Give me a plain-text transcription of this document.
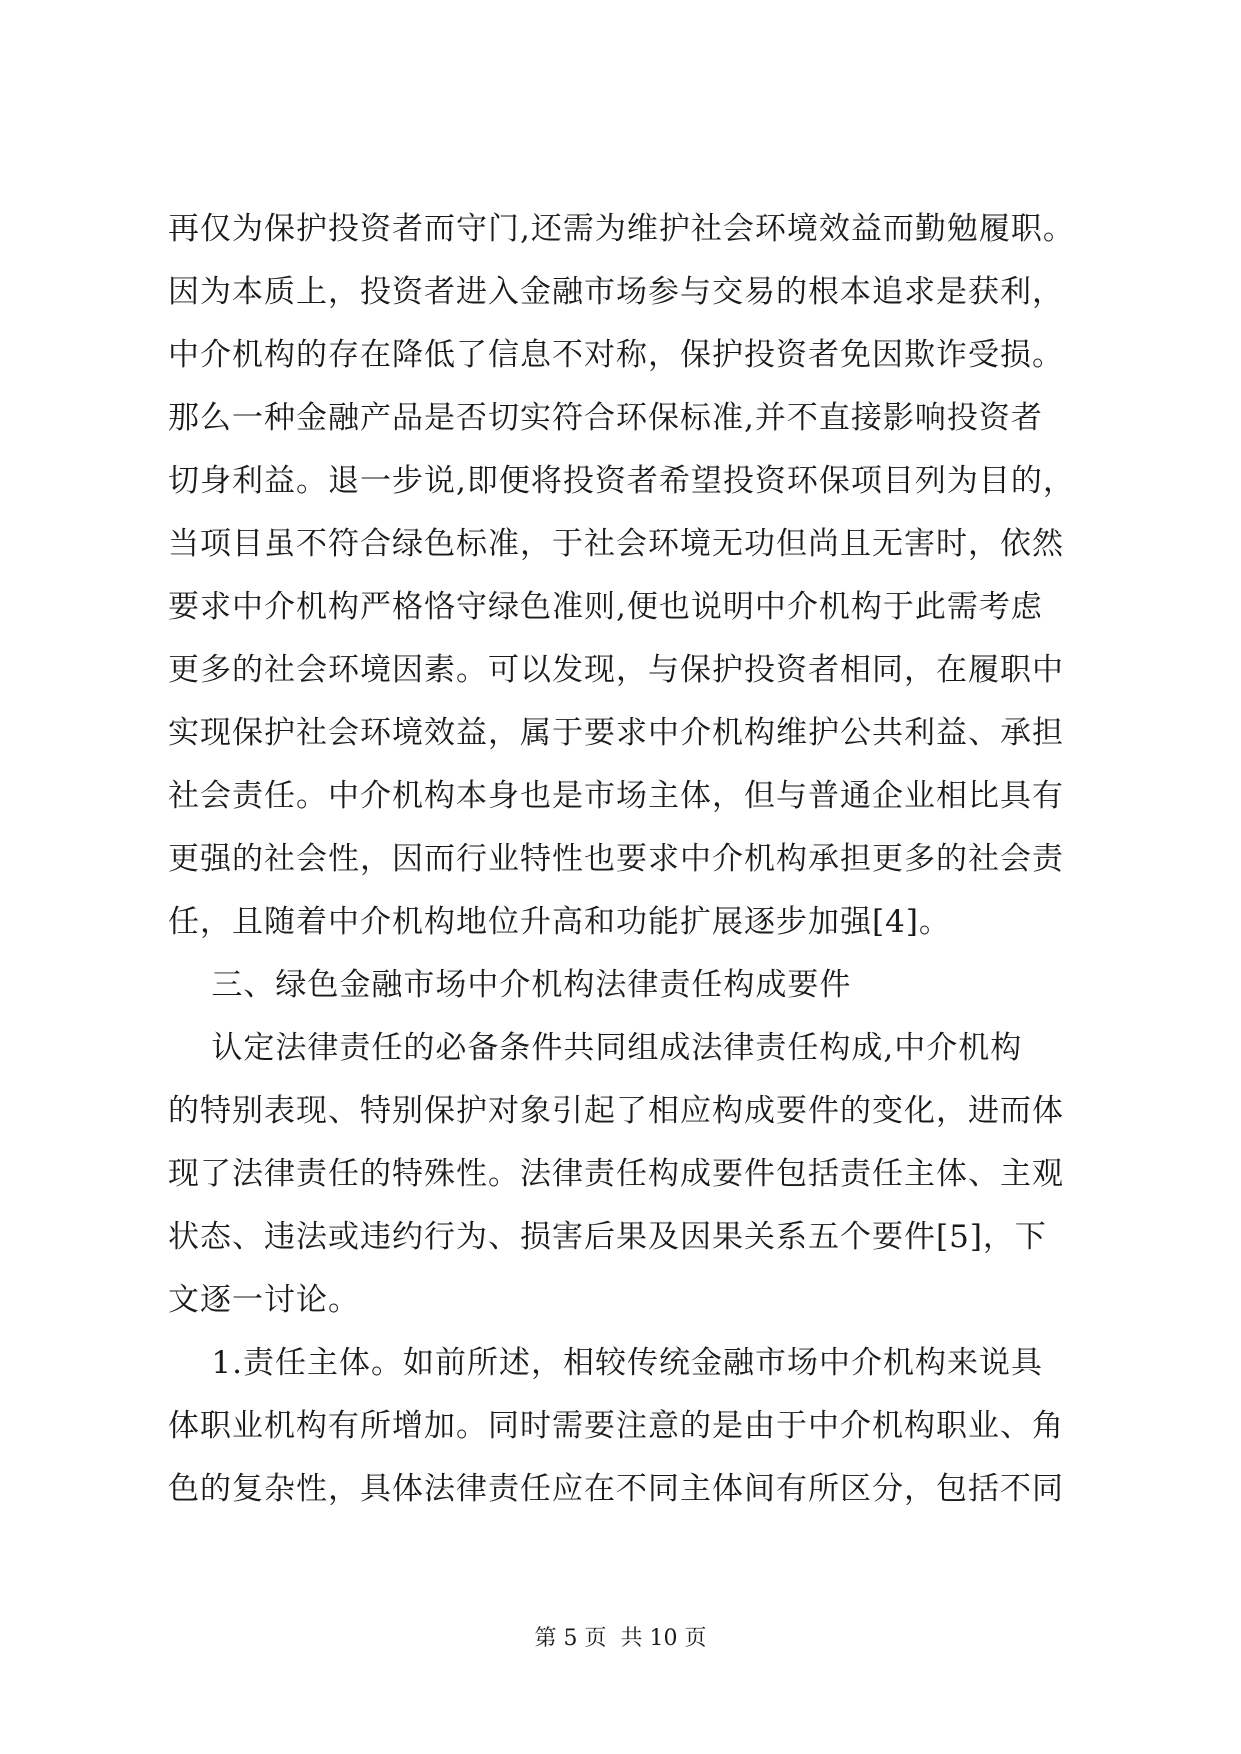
再仅为保护投资者而守门,还需为维护社会环境效益而勤勉履职。
因为本质上，投资者进入金融市场参与交易的根本追求是获利，
中介机构的存在降低了信息不对称，保护投资者免因欺诈受损。
那么一种金融产品是否切实符合环保标准,并不直接影响投资者
切身利益。退一步说,即便将投资者希望投资环保项目列为目的，
当项目虽不符合绿色标准，于社会环境无功但尚且无害时，依然
要求中介机构严格恪守绿色准则,便也说明中介机构于此需考虑
更多的社会环境因素。可以发现，与保护投资者相同，在履职中
实现保护社会环境效益，属于要求中介机构维护公共利益、承担
社会责任。中介机构本身也是市场主体，但与普通企业相比具有
更强的社会性，因而行业特性也要求中介机构承担更多的社会责
任，且随着中介机构地位升高和功能扩展逐步加强[4]。
三、绿色金融市场中介机构法律责任构成要件
认定法律责任的必备条件共同组成法律责任构成,中介机构
的特别表现、特别保护对象引起了相应构成要件的变化，进而体
现了法律责任的特殊性。法律责任构成要件包括责任主体、主观
状态、违法或违约行为、损害后果及因果关系五个要件[5]，下
文逐一讨论。
1.责任主体。如前所述，相较传统金融市场中介机构来说具
体职业机构有所增加。同时需要注意的是由于中介机构职业、角
色的复杂性，具体法律责任应在不同主体间有所区分，包括不同
第 5 页  共 10 页
